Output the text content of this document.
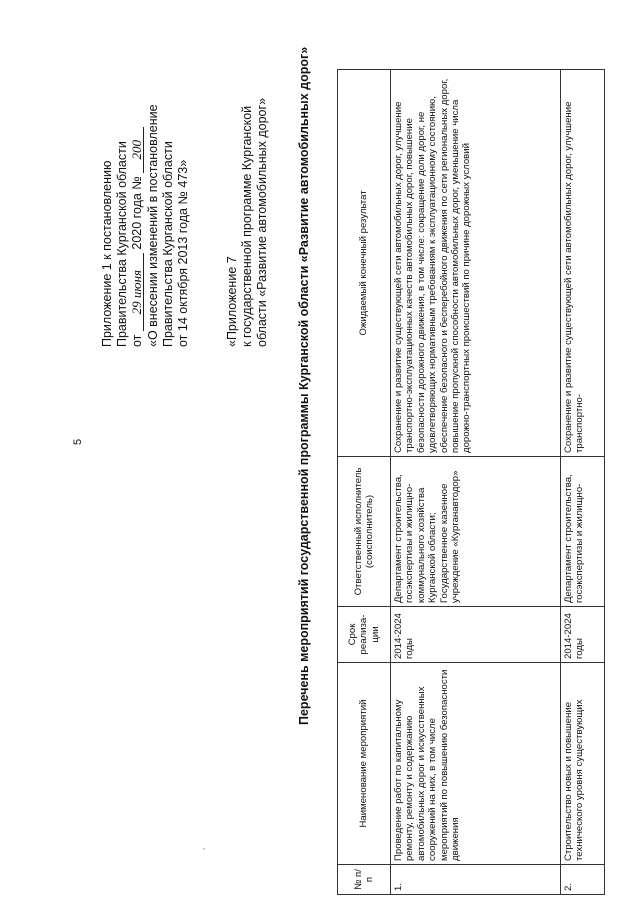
5
Приложение 1 к постановлению Правительства Курганской области от 29 июня 2020 года № 200 «О внесении изменений в постановление Правительства Курганской области от 14 октября 2013 года № 473»	«Приложение 7 к государственной программе Курганской области «Развитие автомобильных дорог» Перечень мероприятий государственной программы Курганской области «Развитие автомобильных дорог»
№ п/п	Наименование мероприятий	Срок реализа-ции	Ответственный исполнитель (соисполнитель)	Ожидаемый конечный результат
1.	Проведение работ по капитальному ремонту, ремонту и содержанию автомобильных дорог и искусственных сооружений на них, в том числе мероприятий по повышению безопасности движения	2014-2024 годы	Департамент строительства, госэкспертизы и жилищно-коммунального хозяйства Курганской области; Государственное казенное учреждение «Курганавтодор»	Сохранение и развитие существующей сети автомобильных дорог, улучшение транспортно-эксплуатационных качеств автомобильных дорог, повышение безопасности дорожного движения, в том числе: сокращение доли дорог, не удовлетворяющих нормативным требованиям к эксплуатационному состоянию, обеспечение безопасного и бесперебойного движения по сети региональных дорог, повышение пропускной способности автомобильных дорог, уменьшение числа дорожно-транспортных происшествий по причине дорожных условий
2.	Строительство новых и повышение технического уровня существующих	2014-2024 годы	Департамент строительства, госэкспертизы и жилищно-	Сохранение и развитие существующей сети автомобильных дорог, улучшение транспортно-
